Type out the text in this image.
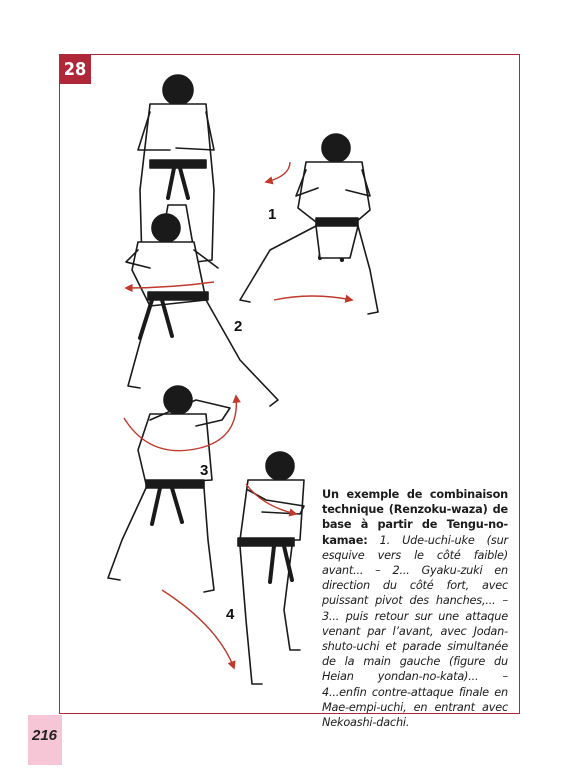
28
1
2
3
4
Un exemple de combinaison technique (Renzoku-waza) de base à partir de Tengu-no-kamae: 1. Ude-uchi-uke (sur esquive vers le côté faible) avant... – 2... Gyaku-zuki en direction du côté fort, avec puissant pivot des hanches,... – 3... puis retour sur une attaque venant par l’avant, avec Jodan-shuto-uchi et parade simultanée de la main gauche (figure du Heian yondan-no-kata)... – 4...enfin contre-attaque finale en Mae-empi-uchi, en entrant avec Nekoashi-dachi.
216
